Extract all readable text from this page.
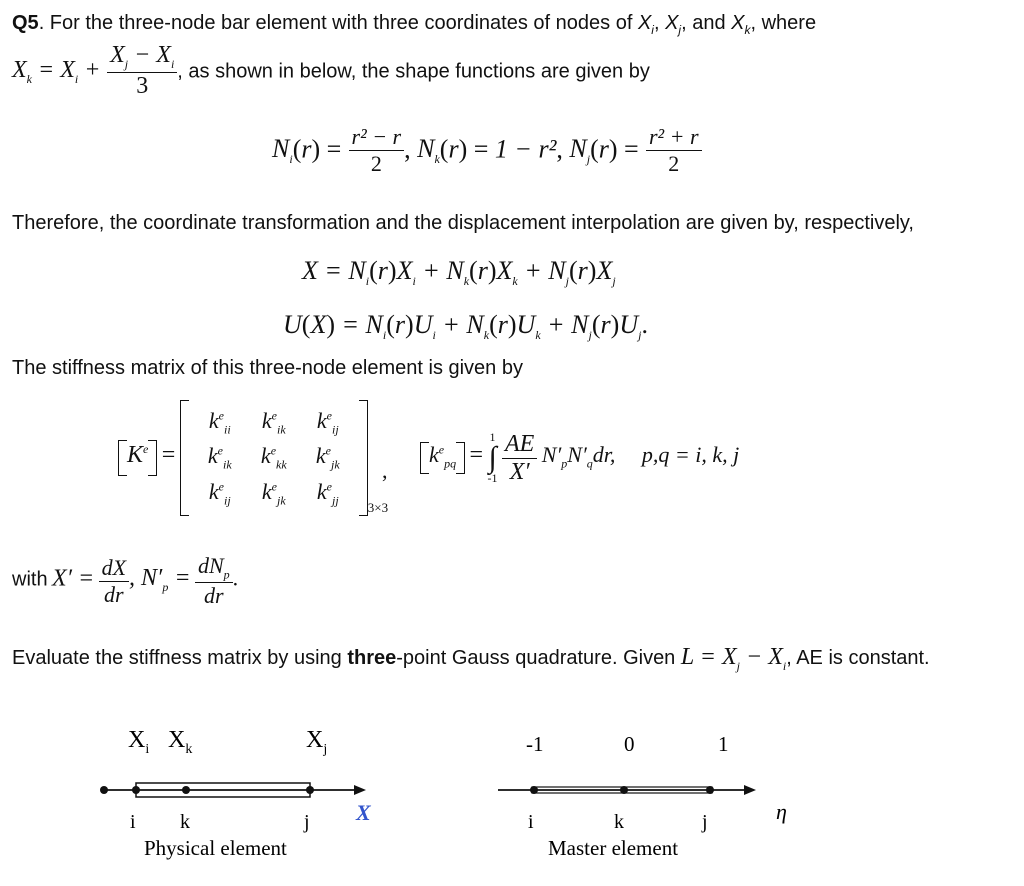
Q5. For the three-node bar element with three coordinates of nodes of $X_i$, $X_j$, and $X_k$, where
$X_k = X_i + \frac{X_j - X_i}{3}$ , as shown in below, the shape functions are given by
$N_i(r) = \frac{\text{r² − r}}{2}$ , $N_k(r) = 1 - r^2$, $N_j(r) = \frac{\text{r² + r}}{2}$
Therefore, the coordinate transformation and the displacement interpolation are given by, respectively,
$X = N_i(r)X_i + N_k(r)X_k + N_j(r)X_j$
$U(X) = N_i(r)U_i + N_k(r)U_k + N_j(r)U_j$.
The stiffness matrix of this three-node element is given by
$K^e$ =
$k^e_{ii}$	$k^e_{ik}$	$k^e_{ij}$
$k^e_{ik}$	$k^e_{kk}$	$k^e_{jk}$
$k^e_{ij}$	$k^e_{jk}$	$k^e_{jj}$	3×3
,
$k^e_{pq}$ =
1
∫
-1
$\frac{AE}{X'} N'_pN'_qdr$, p,q = i, k, j
with $X' = \frac{dX}{dr}$ , $N'_p = \frac{dN_p}{dr}$ .
Evaluate the stiffness matrix by using three-point Gauss quadrature. Given $L = X_j - X_i$, AE is constant.
$X_i$ $X_k$	$X_j$
i k	j X
Physical element
-1	0	1
i	k	j	η
Master element
